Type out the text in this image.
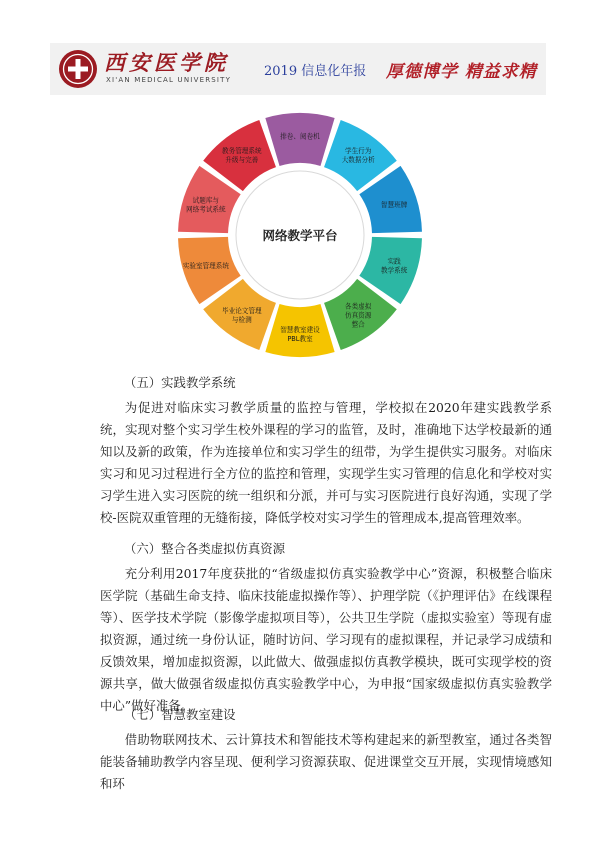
西安医学院
XI'AN MEDICAL UNIVERSITY
2019 信息化年报 厚德博学 精益求精
网络教学平台
排卷、阅卷机
学生行为大数据分析
智慧班牌
实践教学系统
各类虚拟仿真资源整合
智慧教室建设 PBL教室
毕业论文管理与检测
实验室管理系统
试题库与网络考试系统
教务管理系统升级与完善
（五）实践教学系统

为促进对临床实习教学质量的监控与管理，学校拟在2020年建实践教学系统，实现对整个实习学生校外课程的学习的监管，及时，准确地下达学校最新的通知以及新的政策，作为连接单位和实习学生的纽带，为学生提供实习服务。对临床实习和见习过程进行全方位的监控和管理，实现学生实习管理的信息化和学校对实习学生进入实习医院的统一组织和分派，并可与实习医院进行良好沟通，实现了学校-医院双重管理的无缝衔接，降低学校对实习学生的管理成本,提高管理效率。

（六）整合各类虚拟仿真资源

充分利用2017年度获批的“省级虚拟仿真实验教学中心”资源，积极整合临床医学院（基础生命支持、临床技能虚拟操作等）、护理学院（《护理评估》在线课程等）、医学技术学院（影像学虚拟项目等），公共卫生学院（虚拟实验室）等现有虚拟资源，通过统一身份认证，随时访问、学习现有的虚拟课程，并记录学习成绩和反馈效果，增加虚拟资源，以此做大、做强虚拟仿真教学模块，既可实现学校的资源共享，做大做强省级虚拟仿真实验教学中心，为申报“国家级虚拟仿真实验教学中心”做好准备。

（七）智慧教室建设

借助物联网技术、云计算技术和智能技术等构建起来的新型教室，通过各类智能装备辅助教学内容呈现、便利学习资源获取、促进课堂交互开展，实现情境感知和环
